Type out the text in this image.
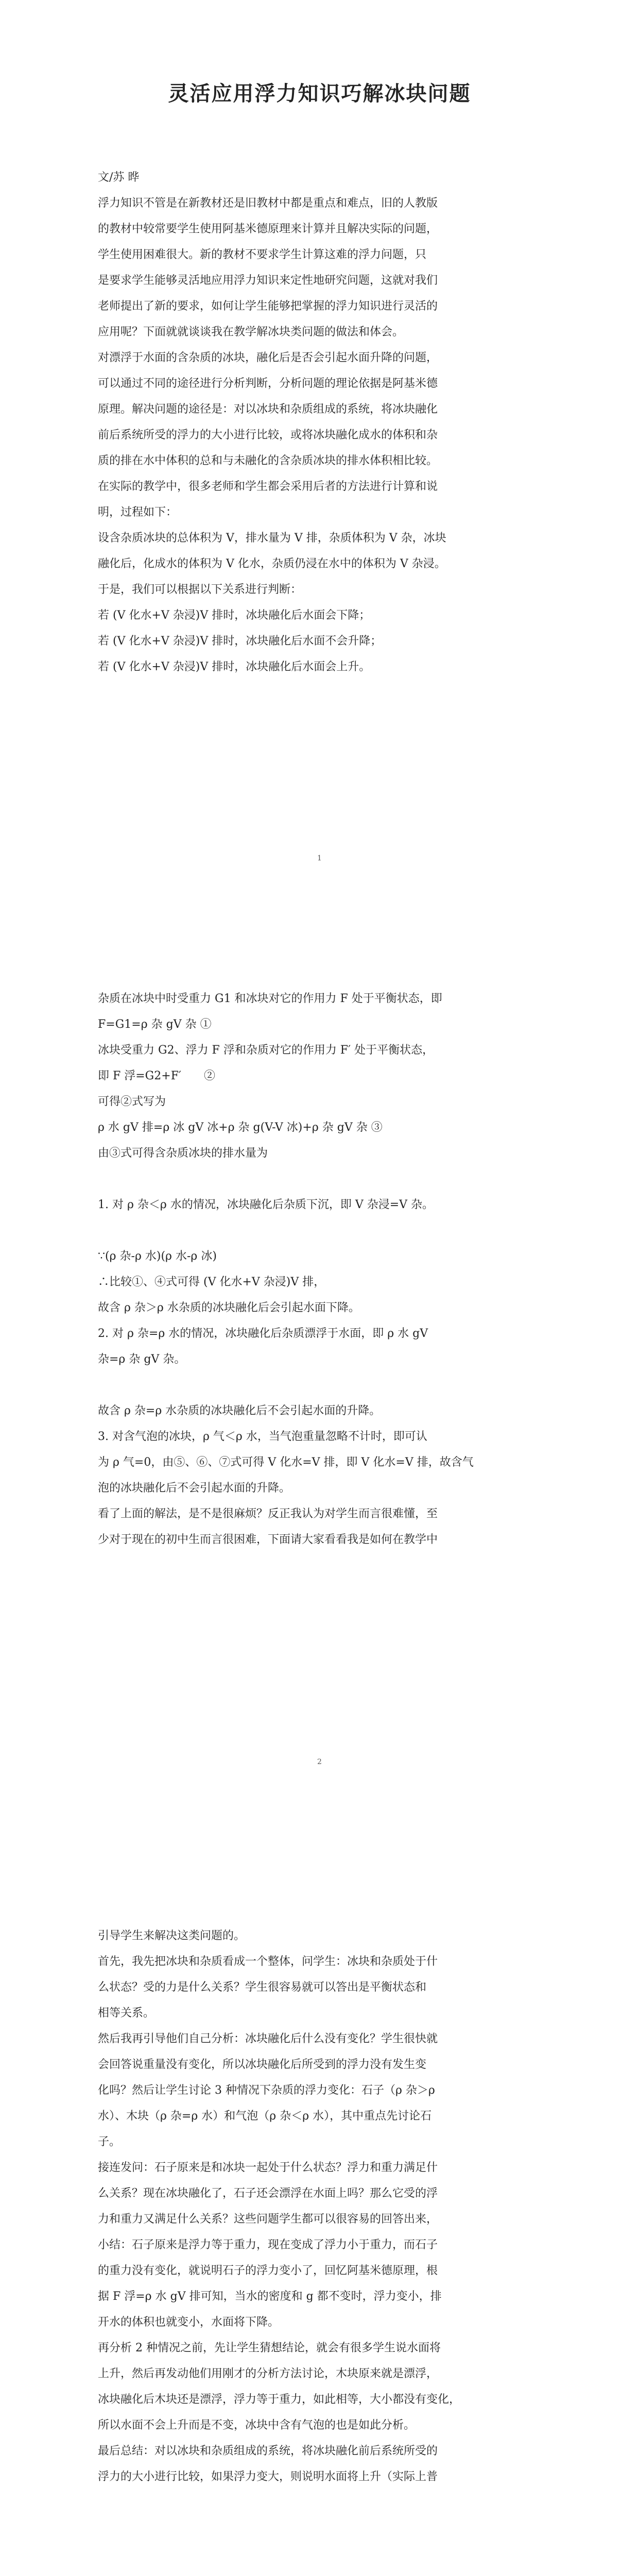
灵活应用浮力知识巧解冰块问题

文/苏 晔

浮力知识不管是在新教材还是旧教材中都是重点和难点，旧的人教版

的教材中较常要学生使用阿基米德原理来计算并且解决实际的问题，

学生使用困难很大。新的教材不要求学生计算这难的浮力问题，只

是要求学生能够灵活地应用浮力知识来定性地研究问题，这就对我们

老师提出了新的要求，如何让学生能够把掌握的浮力知识进行灵活的

应用呢？下面就就谈谈我在教学解冰块类问题的做法和体会。

对漂浮于水面的含杂质的冰块，融化后是否会引起水面升降的问题，

可以通过不同的途径进行分析判断，分析问题的理论依据是阿基米德

原理。解决问题的途径是：对以冰块和杂质组成的系统，将冰块融化

前后系统所受的浮力的大小进行比较，或将冰块融化成水的体积和杂

质的排在水中体积的总和与未融化的含杂质冰块的排水体积相比较。

在实际的教学中，很多老师和学生都会采用后者的方法进行计算和说

明，过程如下：

设含杂质冰块的总体积为 V，排水量为 V 排，杂质体积为 V 杂，冰块

融化后，化成水的体积为 V 化水，杂质仍浸在水中的体积为 V 杂浸。

于是，我们可以根据以下关系进行判断：

若 (V 化水+V 杂浸)V 排时，冰块融化后水面会下降；

若 (V 化水+V 杂浸)V 排时，冰块融化后水面不会升降；

若 (V 化水+V 杂浸)V 排时，冰块融化后水面会上升。

1

杂质在冰块中时受重力 G1 和冰块对它的作用力 F 处于平衡状态，即

F=G1=ρ 杂 gV 杂 ①

冰块受重力 G2、浮力 F 浮和杂质对它的作用力 F′ 处于平衡状态，

即 F 浮=G2+F′　　②

可得②式写为

ρ 水 gV 排=ρ 冰 gV 冰+ρ 杂 g(V-V 冰)+ρ 杂 gV 杂 ③

由③式可得含杂质冰块的排水量为

1. 对 ρ 杂＜ρ 水的情况，冰块融化后杂质下沉，即 V 杂浸=V 杂。

∵(ρ 杂-ρ 水)(ρ 水-ρ 冰)

∴比较①、④式可得 (V 化水+V 杂浸)V 排，

故含 ρ 杂＞ρ 水杂质的冰块融化后会引起水面下降。

2. 对 ρ 杂=ρ 水的情况，冰块融化后杂质漂浮于水面，即 ρ 水 gV

杂=ρ 杂 gV 杂。

故含 ρ 杂=ρ 水杂质的冰块融化后不会引起水面的升降。

3. 对含气泡的冰块，ρ 气＜ρ 水，当气泡重量忽略不计时，即可认

为 ρ 气=0，由⑤、⑥、⑦式可得 V 化水=V 排，即 V 化水=V 排，故含气

泡的冰块融化后不会引起水面的升降。

看了上面的解法，是不是很麻烦？反正我认为对学生而言很难懂，至

少对于现在的初中生而言很困难，下面请大家看看我是如何在教学中

2

引导学生来解决这类问题的。

首先，我先把冰块和杂质看成一个整体，问学生：冰块和杂质处于什

么状态？受的力是什么关系？学生很容易就可以答出是平衡状态和

相等关系。

然后我再引导他们自己分析：冰块融化后什么没有变化？学生很快就

会回答说重量没有变化，所以冰块融化后所受到的浮力没有发生变

化吗？然后让学生讨论 3 种情况下杂质的浮力变化：石子（ρ 杂＞ρ

水）、木块（ρ 杂=ρ 水）和气泡（ρ 杂＜ρ 水），其中重点先讨论石

子。

接连发问：石子原来是和冰块一起处于什么状态？浮力和重力满足什

么关系？现在冰块融化了，石子还会漂浮在水面上吗？那么它受的浮

力和重力又满足什么关系？这些问题学生都可以很容易的回答出来，

小结：石子原来是浮力等于重力，现在变成了浮力小于重力，而石子

的重力没有变化，就说明石子的浮力变小了，回忆阿基米德原理，根

据 F 浮=ρ 水 gV 排可知，当水的密度和 g 都不变时，浮力变小，排

开水的体积也就变小，水面将下降。

再分析 2 种情况之前，先让学生猜想结论，就会有很多学生说水面将

上升，然后再发动他们用刚才的分析方法讨论，木块原来就是漂浮，

冰块融化后木块还是漂浮，浮力等于重力，如此相等，大小都没有变化，

所以水面不会上升而是不变，冰块中含有气泡的也是如此分析。

最后总结：对以冰块和杂质组成的系统，将冰块融化前后系统所受的

浮力的大小进行比较，如果浮力变大，则说明水面将上升（实际上普
